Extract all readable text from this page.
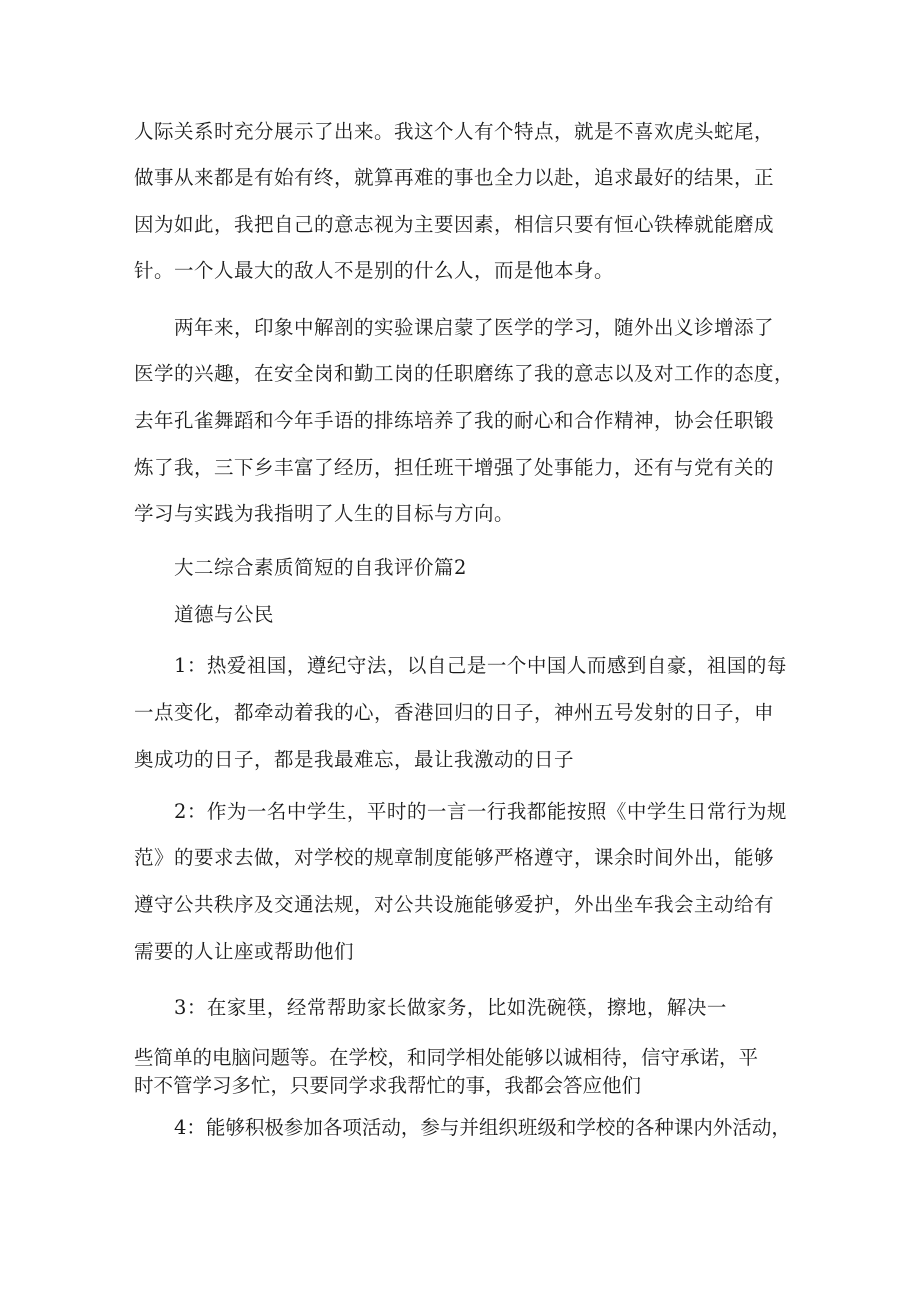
人际关系时充分展示了出来。我这个人有个特点，就是不喜欢虎头蛇尾，
做事从来都是有始有终，就算再难的事也全力以赴，追求最好的结果，正
因为如此，我把自己的意志视为主要因素，相信只要有恒心铁棒就能磨成
针。一个人最大的敌人不是别的什么人，而是他本身。
两年来，印象中解剖的实验课启蒙了医学的学习，随外出义诊增添了
医学的兴趣，在安全岗和勤工岗的任职磨练了我的意志以及对工作的态度，
去年孔雀舞蹈和今年手语的排练培养了我的耐心和合作精神，协会任职锻
炼了我，三下乡丰富了经历，担任班干增强了处事能力，还有与党有关的
学习与实践为我指明了人生的目标与方向。
大二综合素质简短的自我评价篇2
道德与公民
1：热爱祖国，遵纪守法，以自己是一个中国人而感到自豪，祖国的每
一点变化，都牵动着我的心，香港回归的日子，神州五号发射的日子，申
奥成功的日子，都是我最难忘，最让我激动的日子
2：作为一名中学生，平时的一言一行我都能按照《中学生日常行为规
范》的要求去做，对学校的规章制度能够严格遵守，课余时间外出，能够
遵守公共秩序及交通法规，对公共设施能够爱护，外出坐车我会主动给有
需要的人让座或帮助他们
3：在家里，经常帮助家长做家务，比如洗碗筷，擦地，解决一
些简单的电脑问题等。在学校，和同学相处能够以诚相待，信守承诺，平
时不管学习多忙，只要同学求我帮忙的事，我都会答应他们
4：能够积极参加各项活动，参与并组织班级和学校的各种课内外活动，
